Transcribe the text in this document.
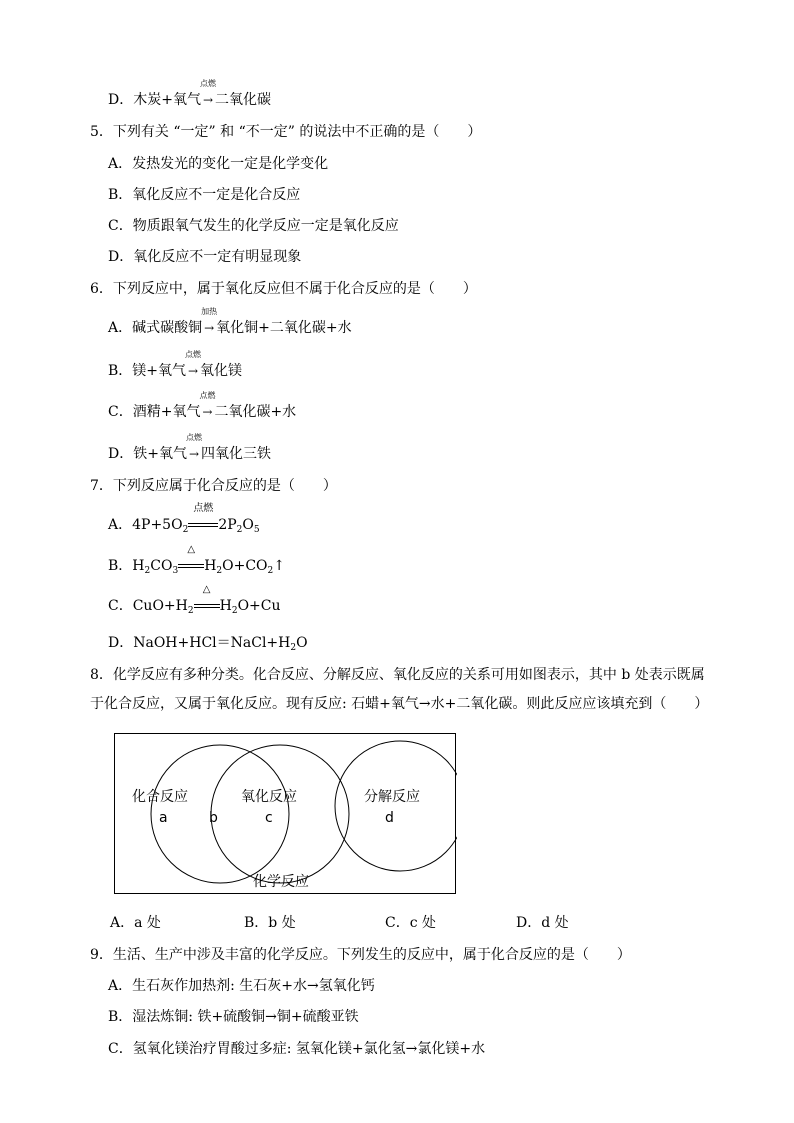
D．木炭+氧气
点燃
→ 二氧化碳
5．下列有关 “一定” 和 “不一定” 的说法中不正确的是（　　）
A．发热发光的变化一定是化学变化
B．氧化反应不一定是化合反应
C．物质跟氧气发生的化学反应一定是氧化反应
D．氧化反应不一定有明显现象
6．下列反应中，属于氧化反应但不属于化合反应的是（　　）
A．碱式碳酸铜
加热
→ 氧化铜+二氧化碳+水
B．镁+氧气
点燃
→ 氧化镁
C．酒精+氧气
点燃
→ 二氧化碳+水
D．铁+氧气
点燃
→ 四氧化三铁
7．下列反应属于化合反应的是（　　）
A．$4P+5O_2$
点燃
$2P_2O_5$
B．$H_2CO_3$
△
$H_2O+CO_2↑$
C．$CuO+H_2$
△
$H_2O+Cu$
D．$NaOH+HCl=NaCl+H_2O$
8．化学反应有多种分类。化合反应、分解反应、氧化反应的关系可用如图表示，其中 b 处表示既属
于化合反应，又属于氧化反应。现有反应: 石蜡+氧气→水+二氧化碳。则此反应应该填充到（　　）
化合反应	氧化反应	分解反应
a	b	c	d
化学反应
A．a 处	B．b 处	C．c 处	D．d 处
9．生活、生产中涉及丰富的化学反应。下列发生的反应中，属于化合反应的是（　　）
A．生石灰作加热剂: 生石灰+水→氢氧化钙
B．湿法炼铜: 铁+硫酸铜→铜+硫酸亚铁
C．氢氧化镁治疗胃酸过多症: 氢氧化镁+氯化氢→氯化镁+水
